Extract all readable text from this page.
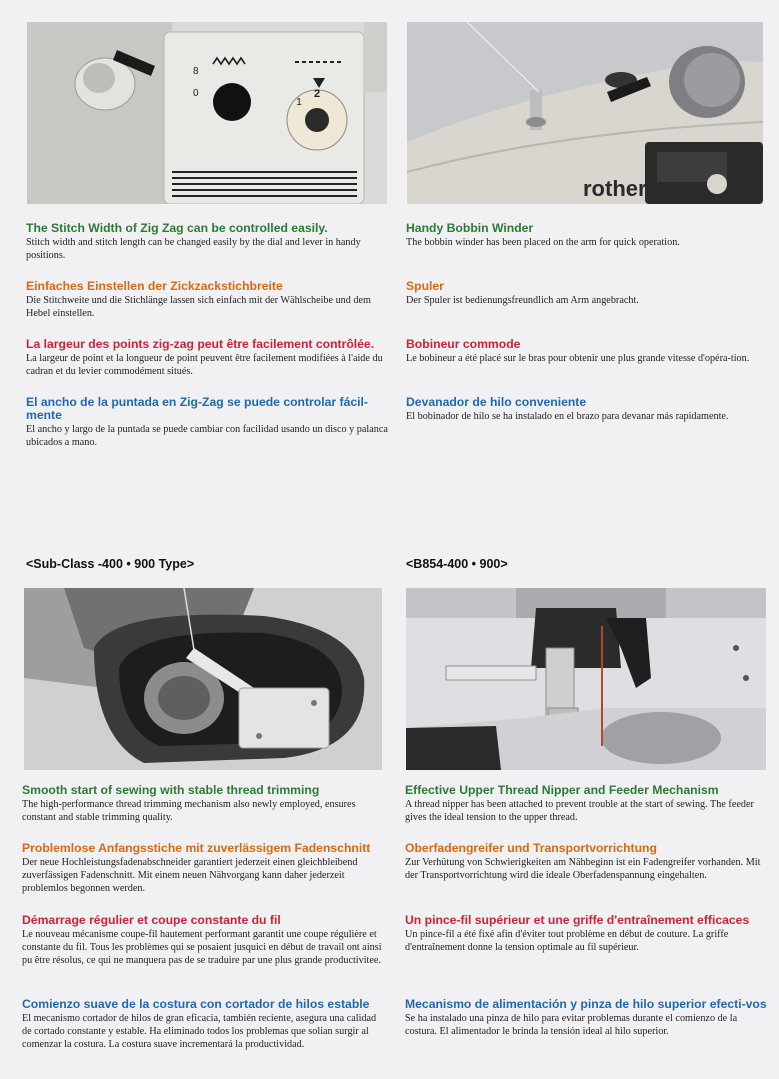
2
1
8
0
rother

The Stitch Width of Zig Zag can be controlled easily.

Stitch width and stitch length can be changed easily by the dial and lever in handy positions.

Einfaches Einstellen der Zickzackstichbreite

Die Stitchweite und die Stichlänge lassen sich einfach mit der Wählscheibe und dem Hebel einstellen.

La largeur des points zig-zag peut être facilement contrôlée.

La largeur de point et la longueur de point peuvent être facilement modifiées à l'aide du cadran et du levier commodément situés.

El ancho de la puntada en Zig-Zag se puede controlar fácil-mente

El ancho y largo de la puntada se puede cambiar con facilidad usando un disco y palanca ubicados a mano.

Handy Bobbin Winder

The bobbin winder has been placed on the arm for quick operation.

Spuler

Der Spuler ist bedienungsfreundlich am Arm angebracht.

Bobineur commode

Le bobineur a été placé sur le bras pour obtenir une plus grande vitesse d'opéra-tion.

Devanador de hilo conveniente

El bobinador de hilo se ha instalado en el brazo para devanar más rapidamente.

<Sub-Class -400 • 900 Type>	<B854-400 • 900>

Smooth start of sewing with stable thread trimming

The high-performance thread trimming mechanism also newly employed, ensures constant and stable trimming quality.

Problemlose Anfangsstiche mit zuverlässigem Fadenschnitt

Der neue Hochleistungsfadenabschneider garantiert jederzeit einen gleichbleibend zuverfässigen Fadenschnitt. Mit einem neuen Nähvorgang kann daher jederzeit problemlos begonnen werden.

Démarrage régulier et coupe constante du fil

Le nouveau mécanisme coupe-fil hautement performant garantit une coupe régulière et constante du fil. Tous les problèmes qui se posaient jusquici en début de travail ont ainsi pu être résolus, ce qui ne manquera pas de se traduire par une plus grande productivitee.

Comienzo suave de la costura con cortador de hilos estable

El mecanismo cortador de hilos de gran eficacia, también reciente, asegura una calidad de cortado constante y estable. Ha eliminado todos los problemas que solian surgir al comenzar la costura. La costura suave incrementará la productividad.

Effective Upper Thread Nipper and Feeder Mechanism

A thread nipper has been attached to prevent trouble at the start of sewing. The feeder gives the ideal tension to the upper thread.

Oberfadengreifer und Transportvorrichtung

Zur Verhütung von Schwierigkeiten am Nähbeginn ist ein Fadengreifer vorhanden. Mit der Transportvorrichtung wird die ideale Oberfadenspannung eingehalten.

Un pince-fil supérieur et une griffe d'entraînement efficaces

Un pince-fil a été fixé afin d'éviter tout problème en début de couture. La griffe d'entraînement donne la tension optimale au fil supérieur.

Mecanismo de alimentación y pinza de hilo superior efecti-vos

Se ha instalado una pinza de hilo para evitar problemas durante el comienzo de la costura. El alimentador le brinda la tensión ideal al hilo superior.
